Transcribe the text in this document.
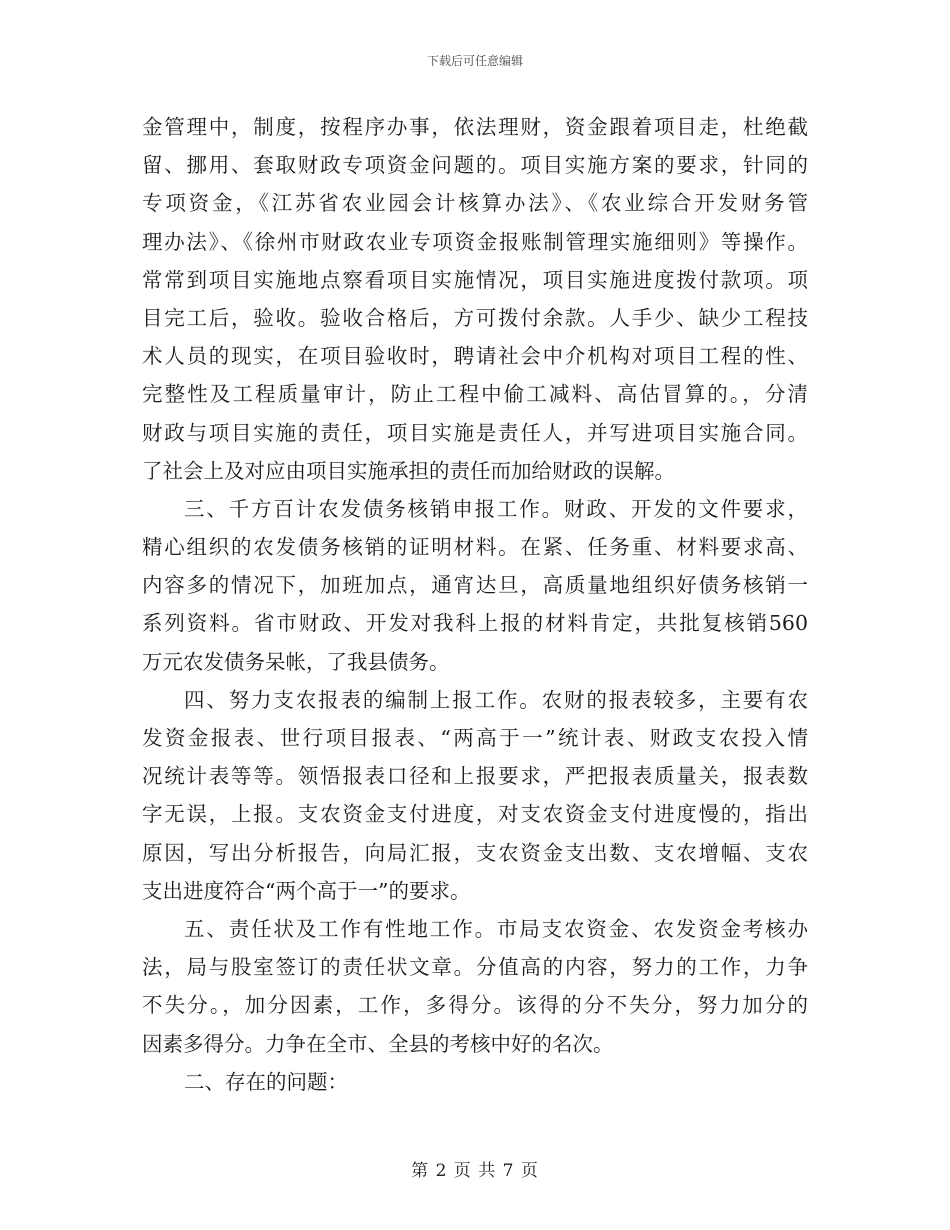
下载后可任意编辑
金管理中，制度，按程序办事，依法理财，资金跟着项目走，杜绝截
留、挪用、套取财政专项资金问题的。项目实施方案的要求，针同的
专项资金，《江苏省农业园会计核算办法》、《农业综合开发财务管
理办法》、《徐州市财政农业专项资金报账制管理实施细则》等操作。
常常到项目实施地点察看项目实施情况，项目实施进度拨付款项。项
目完工后，验收。验收合格后，方可拨付余款。人手少、缺少工程技
术人员的现实，在项目验收时，聘请社会中介机构对项目工程的性、
完整性及工程质量审计，防止工程中偷工减料、高估冒算的。，分清
财政与项目实施的责任，项目实施是责任人，并写进项目实施合同。
了社会上及对应由项目实施承担的责任而加给财政的误解。
三、千方百计农发债务核销申报工作。财政、开发的文件要求，
精心组织的农发债务核销的证明材料。在紧、任务重、材料要求高、
内容多的情况下，加班加点，通宵达旦，高质量地组织好债务核销一
系列资料。省市财政、开发对我科上报的材料肯定，共批复核销560
万元农发债务呆帐，了我县债务。
四、努力支农报表的编制上报工作。农财的报表较多，主要有农
发资金报表、世行项目报表、“两高于一”统计表、财政支农投入情
况统计表等等。领悟报表口径和上报要求，严把报表质量关，报表数
字无误，上报。支农资金支付进度，对支农资金支付进度慢的，指出
原因，写出分析报告，向局汇报，支农资金支出数、支农增幅、支农
支出进度符合“两个高于一”的要求。
五、责任状及工作有性地工作。市局支农资金、农发资金考核办
法，局与股室签订的责任状文章。分值高的内容，努力的工作，力争
不失分。，加分因素，工作，多得分。该得的分不失分，努力加分的
因素多得分。力争在全市、全县的考核中好的名次。
二、存在的问题：
第 2 页 共 7 页
